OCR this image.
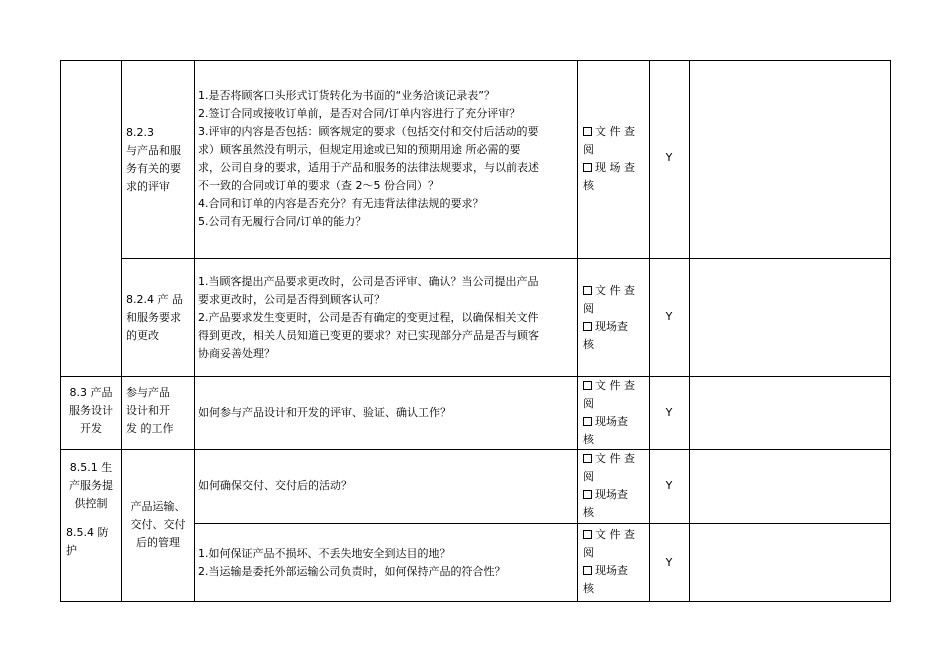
8.2.3
与产品和服
务有关的要
求的评审

1.是否将顾客口头形式订货转化为书面的“业务洽谈记录表”？

2.签订合同或接收订单前，是否对合同/订单内容进行了充分评审？

3.评审的内容是否包括：顾客规定的要求（包括交付和交付后活动的要

求）顾客虽然没有明示，但规定用途或已知的预期用途 所必需的要

求，公司自身的要求，适用于产品和服务的法律法规要求，与以前表述

不一致的合同或订单的要求（查 2〜5 份合同）？

4.合同和订单的内容是否充分？有无违背法律法规的要求？

5.公司有无履行合同/订单的能力？

文 件 查

阅

现 场 查

核

Y
8.2.4 产 品
和服务要求
的更改

1.当顾客提出产品要求更改时，公司是否评审、确认？当公司提出产品

要求更改时，公司是否得到顾客认可？

2.产品要求发生变更时，公司是否有确定的变更过程，以确保相关文件

得到更改，相关人员知道已变更的要求？对已实现部分产品是否与顾客

协商妥善处理？

文 件 查

阅

现场查

核

Y
8.3 产品
服务设计
开发
参与产品
设计和开
发 的工作

如何参与产品设计和开发的评审、验证、确认工作？

文 件 查

阅

现场查

核

Y
8.5.1 生
产服务提
供控制	产品运输、
交付、交付
后的管理

如何确保交付、交付后的活动？

文 件 查

阅

现场查

核

Y
8.5.4 防
护	1.如何保证产品不损坏、不丢失地安全到达目的地？

2.当运输是委托外部运输公司负责时，如何保持产品的符合性？

文 件 查

阅

现场查

核

Y
